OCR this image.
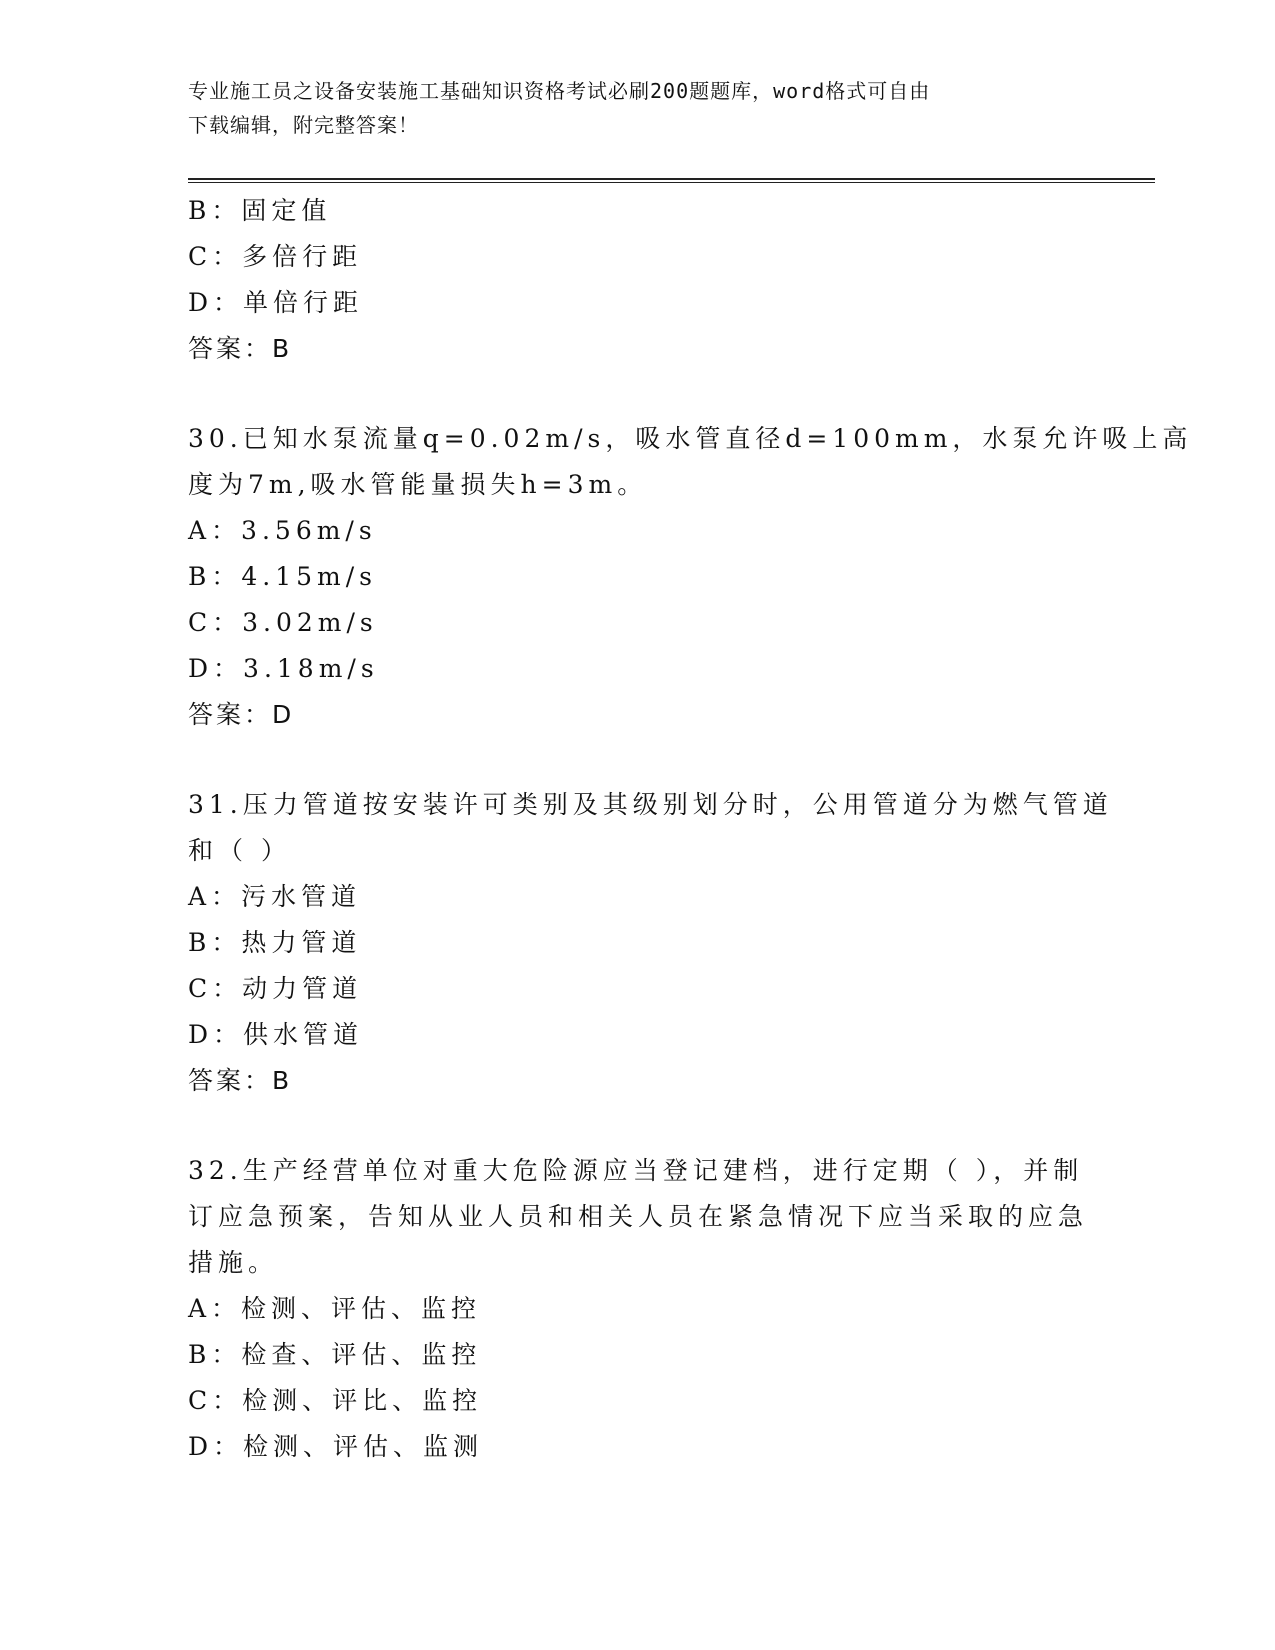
专业施工员之设备安装施工基础知识资格考试必刷200题题库，word格式可自由
下载编辑，附完整答案！
B：固定值
C：多倍行距
D：单倍行距
答案：B
30.已知水泵流量q=0.02m/s，吸水管直径d=100mm，水泵允许吸上高
度为7m,吸水管能量损失h=3m。
A：3.56m/s
B：4.15m/s
C：3.02m/s
D：3.18m/s
答案：D
31.压力管道按安装许可类别及其级别划分时，公用管道分为燃气管道
和（ ）
A：污水管道
B：热力管道
C：动力管道
D：供水管道
答案：B
32.生产经营单位对重大危险源应当登记建档，进行定期（ ），并制
订应急预案，告知从业人员和相关人员在紧急情况下应当采取的应急
措施。
A：检测、评估、监控
B：检查、评估、监控
C：检测、评比、监控
D：检测、评估、监测
